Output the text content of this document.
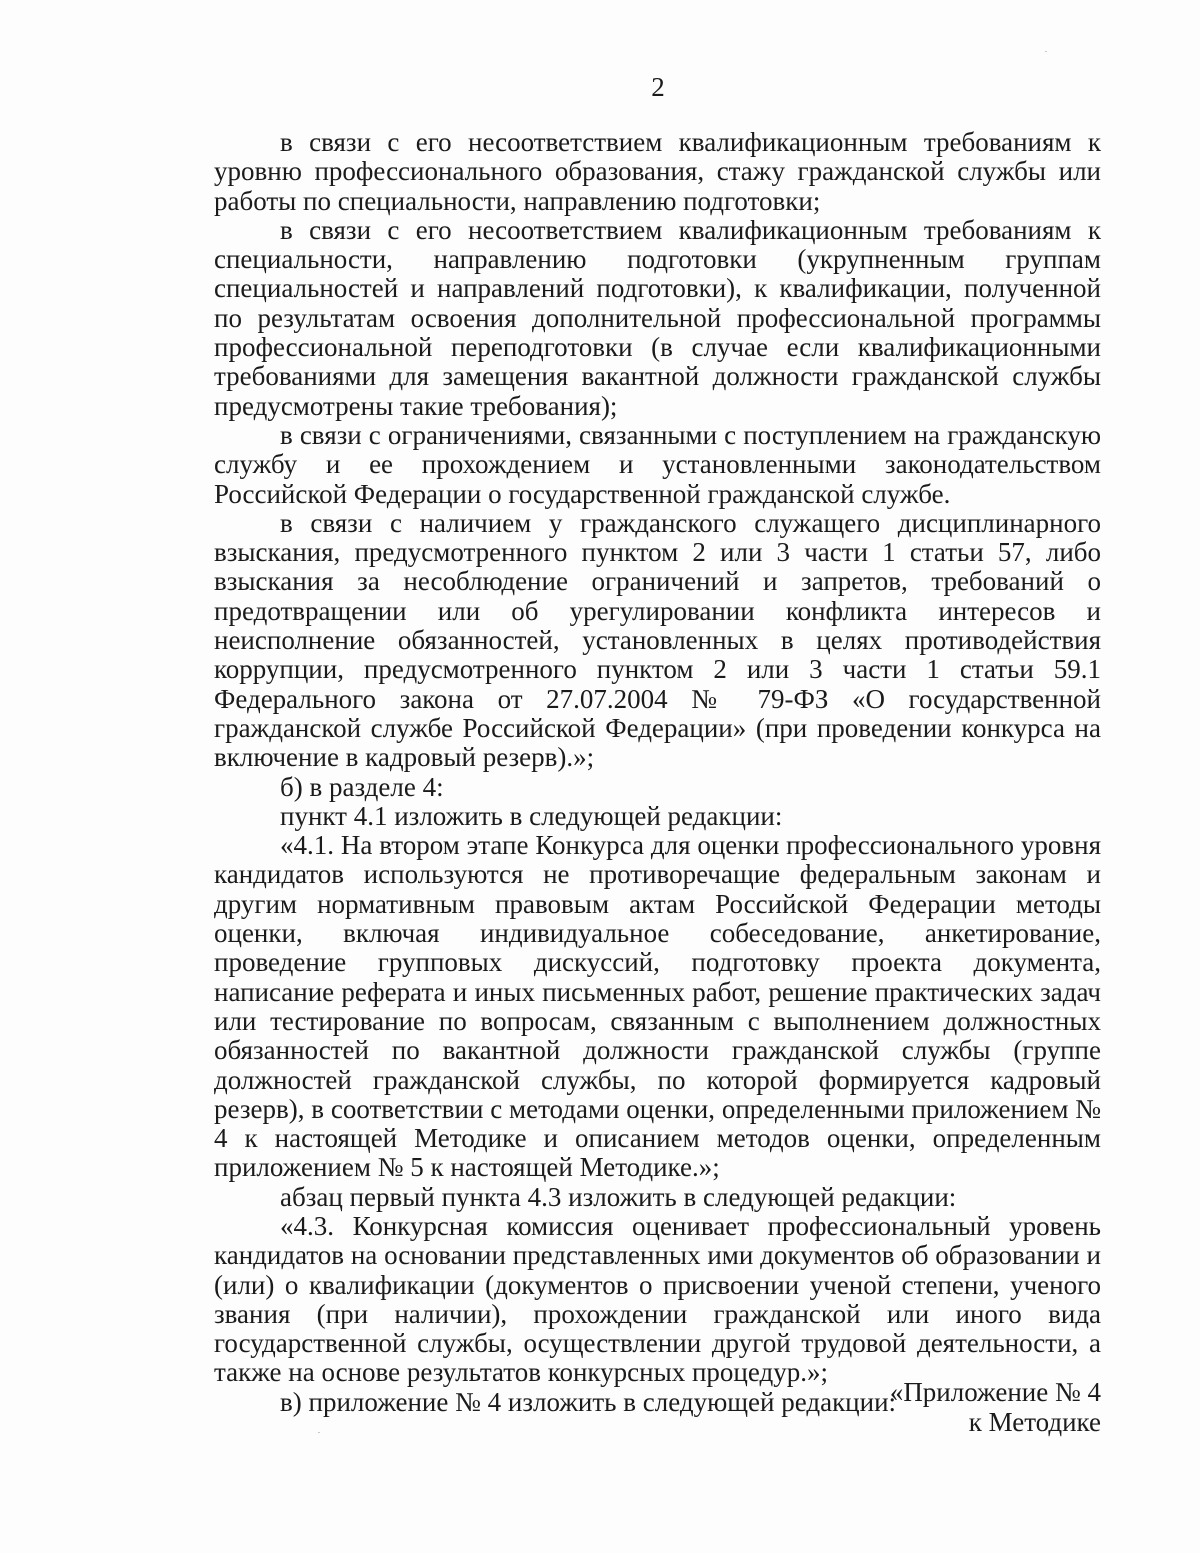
2

в связи с его несоответствием квалификационным требованиям к уровню профессионального образования, стажу гражданской службы или работы по специальности, направлению подготовки;

в связи с его несоответствием квалификационным требованиям к специальности, направлению подготовки (укрупненным группам специальностей и направлений подготовки), к квалификации, полученной по результатам освоения дополнительной профессиональной программы профессиональной переподготовки (в случае если квалификационными требованиями для замещения вакантной должности гражданской службы предусмотрены такие требования);

в связи с ограничениями, связанными с поступлением на гражданскую службу и ее прохождением и установленными законодательством Российской Федерации о государственной гражданской службе.

в связи с наличием у гражданского служащего дисциплинарного взыскания, предусмотренного пунктом 2 или 3 части 1 статьи 57, либо взыскания за несоблюдение ограничений и запретов, требований о предотвращении или об урегулировании конфликта интересов и неисполнение обязанностей, установленных в целях противодействия коррупции, предусмотренного пунктом 2 или 3 части 1 статьи 59.1 Федерального закона от 27.07.2004 № 79-ФЗ «О государственной гражданской службе Российской Федерации» (при проведении конкурса на включение в кадровый резерв).»;

б) в разделе 4:

пункт 4.1 изложить в следующей редакции:

«4.1. На втором этапе Конкурса для оценки профессионального уровня кандидатов используются не противоречащие федеральным законам и другим нормативным правовым актам Российской Федерации методы оценки, включая индивидуальное собеседование, анкетирование, проведение групповых дискуссий, подготовку проекта документа, написание реферата и иных письменных работ, решение практических задач или тестирование по вопросам, связанным с выполнением должностных обязанностей по вакантной должности гражданской службы (группе должностей гражданской службы, по которой формируется кадровый резерв), в соответствии с методами оценки, определенными приложением № 4 к настоящей Методике и описанием методов оценки, определенным приложением № 5 к настоящей Методике.»;

абзац первый пункта 4.3 изложить в следующей редакции:

«4.3. Конкурсная комиссия оценивает профессиональный уровень кандидатов на основании представленных ими документов об образовании и (или) о квалификации (документов о присвоении ученой степени, ученого звания (при наличии), прохождении гражданской или иного вида государственной службы, осуществлении другой трудовой деятельности, а также на основе результатов конкурсных процедур.»;

в) приложение № 4 изложить в следующей редакции:

«Приложение № 4
к Методике
